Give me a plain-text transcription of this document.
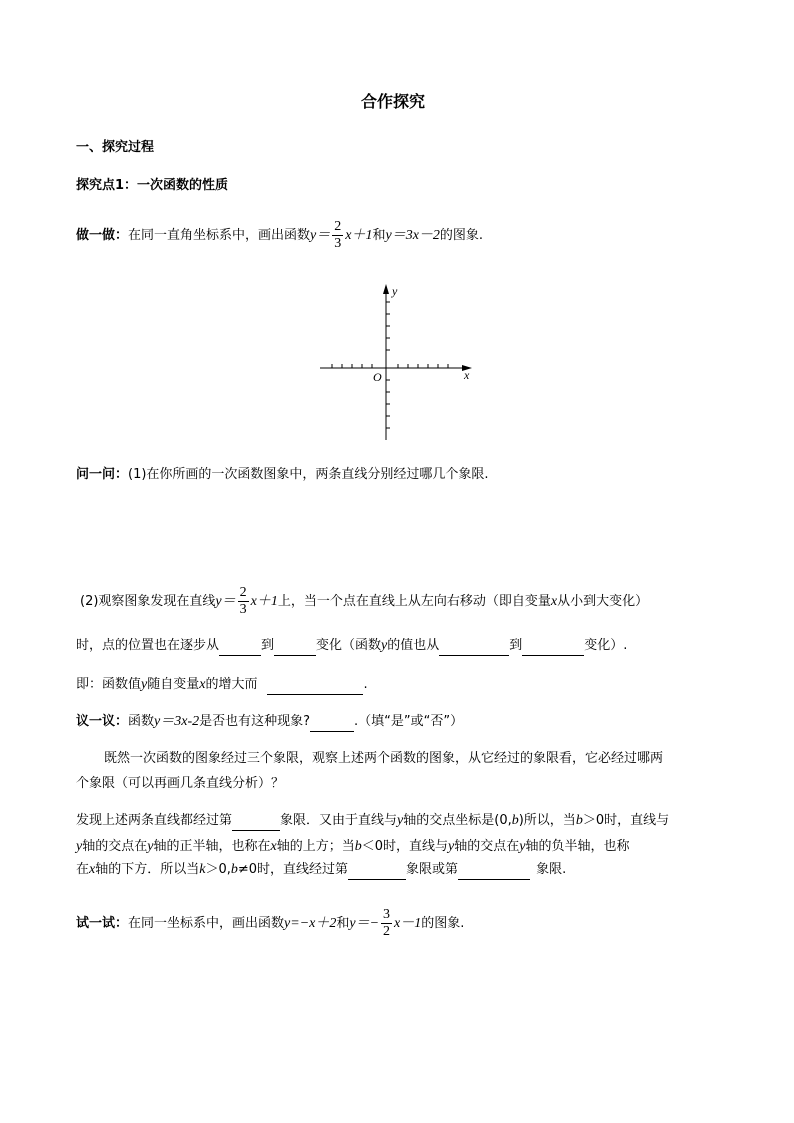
合作探究
一、探究过程
探究点1：一次函数的性质
做一做：在同一直角坐标系中，画出函数$y= \frac{2}{3} x+1$和y＝3x－2的图象.
y
x
O
问一问：(1)在你所画的一次函数图象中，两条直线分别经过哪几个象限.
(2)观察图象发现在直线$y= \frac{2}{3} x+1$上，当一个点在直线上从左向右移动（即自变量x从小到大变化）
时，点的位置也在逐步从	到	变化（函数y的值也从	到	变化）.
即：函数值y随自变量x的增大而	.
议一议：函数y＝3x-2是否也有这种现象?	.（填“是”或“否”）
既然一次函数的图象经过三个象限，观察上述两个函数的图象，从它经过的象限看，它必经过哪两
个象限（可以再画几条直线分析）？
发现上述两条直线都经过第	象限．又由于直线与y轴的交点坐标是(0,b)所以，当b＞0时，直线与
y轴的交点在y轴的正半轴，也称在x轴的上方；当b＜0时，直线与y轴的交点在y轴的负半轴，也称
在x轴的下方．所以当k＞0,b≠0时，直线经过第	象限或第	象限.
试一试：在同一坐标系中，画出函数y=−x＋2和$y=- \frac{3}{2} x-1$的图象.
